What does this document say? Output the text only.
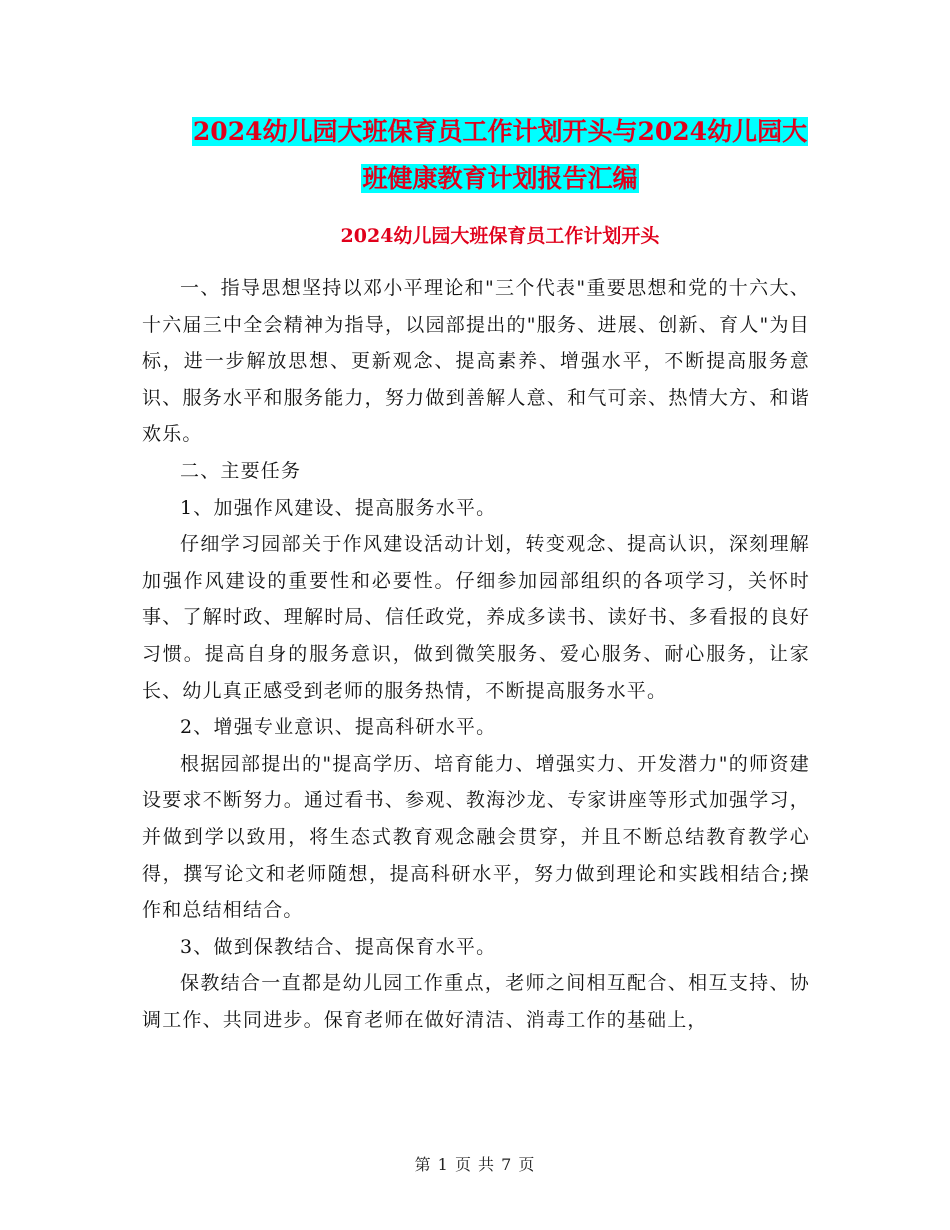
2024幼儿园大班保育员工作计划开头与2024幼儿园大
班健康教育计划报告汇编
2024幼儿园大班保育员工作计划开头

一、指导思想坚持以邓小平理论和"三个代表"重要思想和党的十六大、十六届三中全会精神为指导，以园部提出的"服务、进展、创新、育人"为目标，进一步解放思想、更新观念、提高素养、增强水平，不断提高服务意识、服务水平和服务能力，努力做到善解人意、和气可亲、热情大方、和谐欢乐。

二、主要任务

1、加强作风建设、提高服务水平。

仔细学习园部关于作风建设活动计划，转变观念、提高认识，深刻理解加强作风建设的重要性和必要性。仔细参加园部组织的各项学习，关怀时事、了解时政、理解时局、信任政党，养成多读书、读好书、多看报的良好习惯。提高自身的服务意识，做到微笑服务、爱心服务、耐心服务，让家长、幼儿真正感受到老师的服务热情，不断提高服务水平。

2、增强专业意识、提高科研水平。

根据园部提出的"提高学历、培育能力、增强实力、开发潜力"的师资建设要求不断努力。通过看书、参观、教海沙龙、专家讲座等形式加强学习，并做到学以致用，将生态式教育观念融会贯穿，并且不断总结教育教学心得，撰写论文和老师随想，提高科研水平，努力做到理论和实践相结合;操作和总结相结合。

3、做到保教结合、提高保育水平。

保教结合一直都是幼儿园工作重点，老师之间相互配合、相互支持、协调工作、共同进步。保育老师在做好清洁、消毒工作的基础上，

第 1 页 共 7 页
